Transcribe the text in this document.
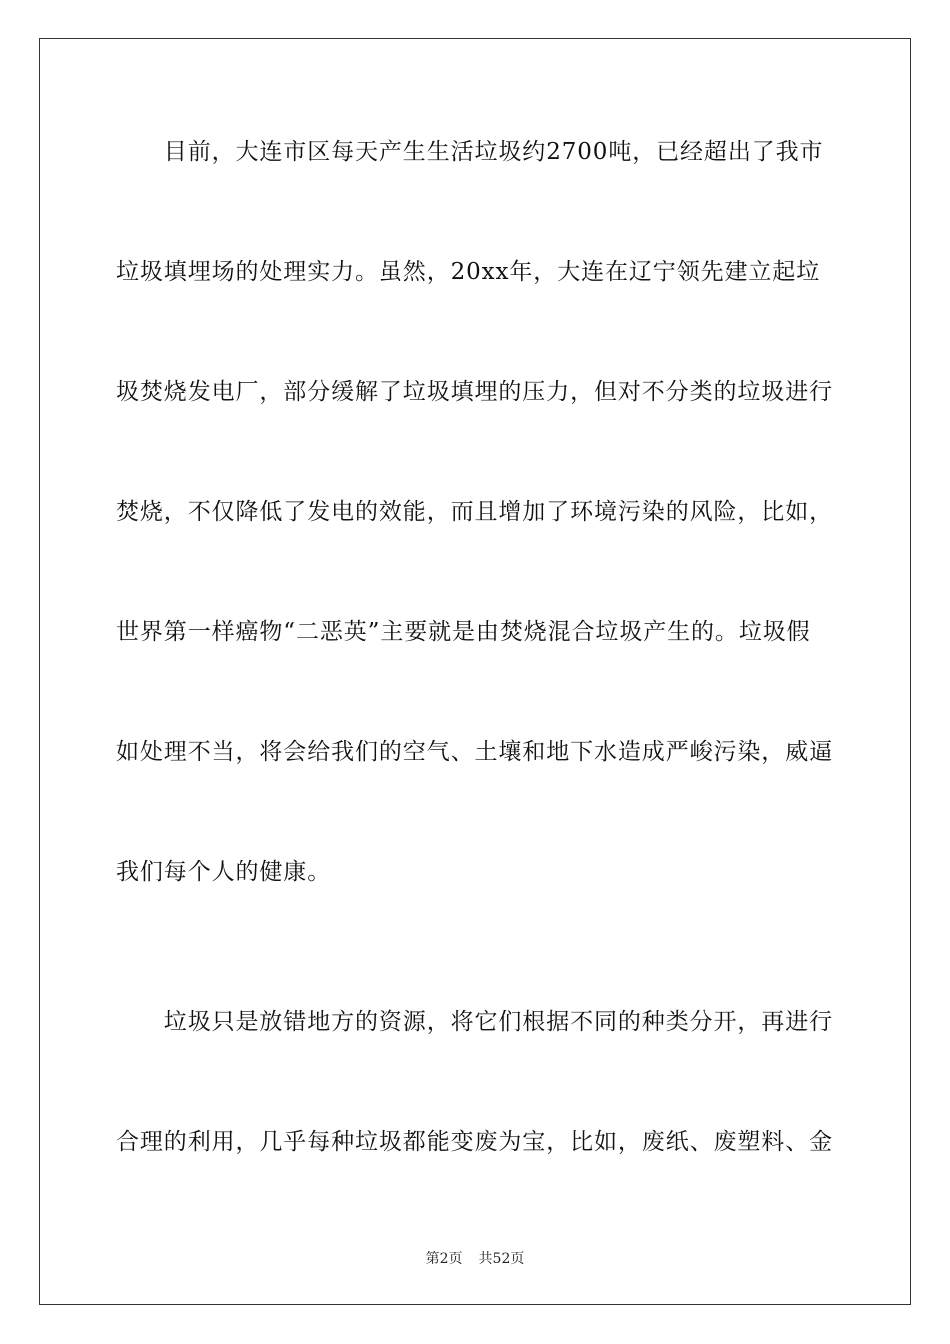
　　目前，大连市区每天产生生活垃圾约2700吨，已经超出了我市

垃圾填埋场的处理实力。虽然，20xx年，大连在辽宁领先建立起垃

圾焚烧发电厂，部分缓解了垃圾填埋的压力，但对不分类的垃圾进行

焚烧，不仅降低了发电的效能，而且增加了环境污染的风险，比如，

世界第一样癌物“二恶英”主要就是由焚烧混合垃圾产生的。垃圾假

如处理不当，将会给我们的空气、土壤和地下水造成严峻污染，威逼

我们每个人的健康。

　　垃圾只是放错地方的资源，将它们根据不同的种类分开，再进行

合理的利用，几乎每种垃圾都能变废为宝，比如，废纸、废塑料、金

第2页 共52页
